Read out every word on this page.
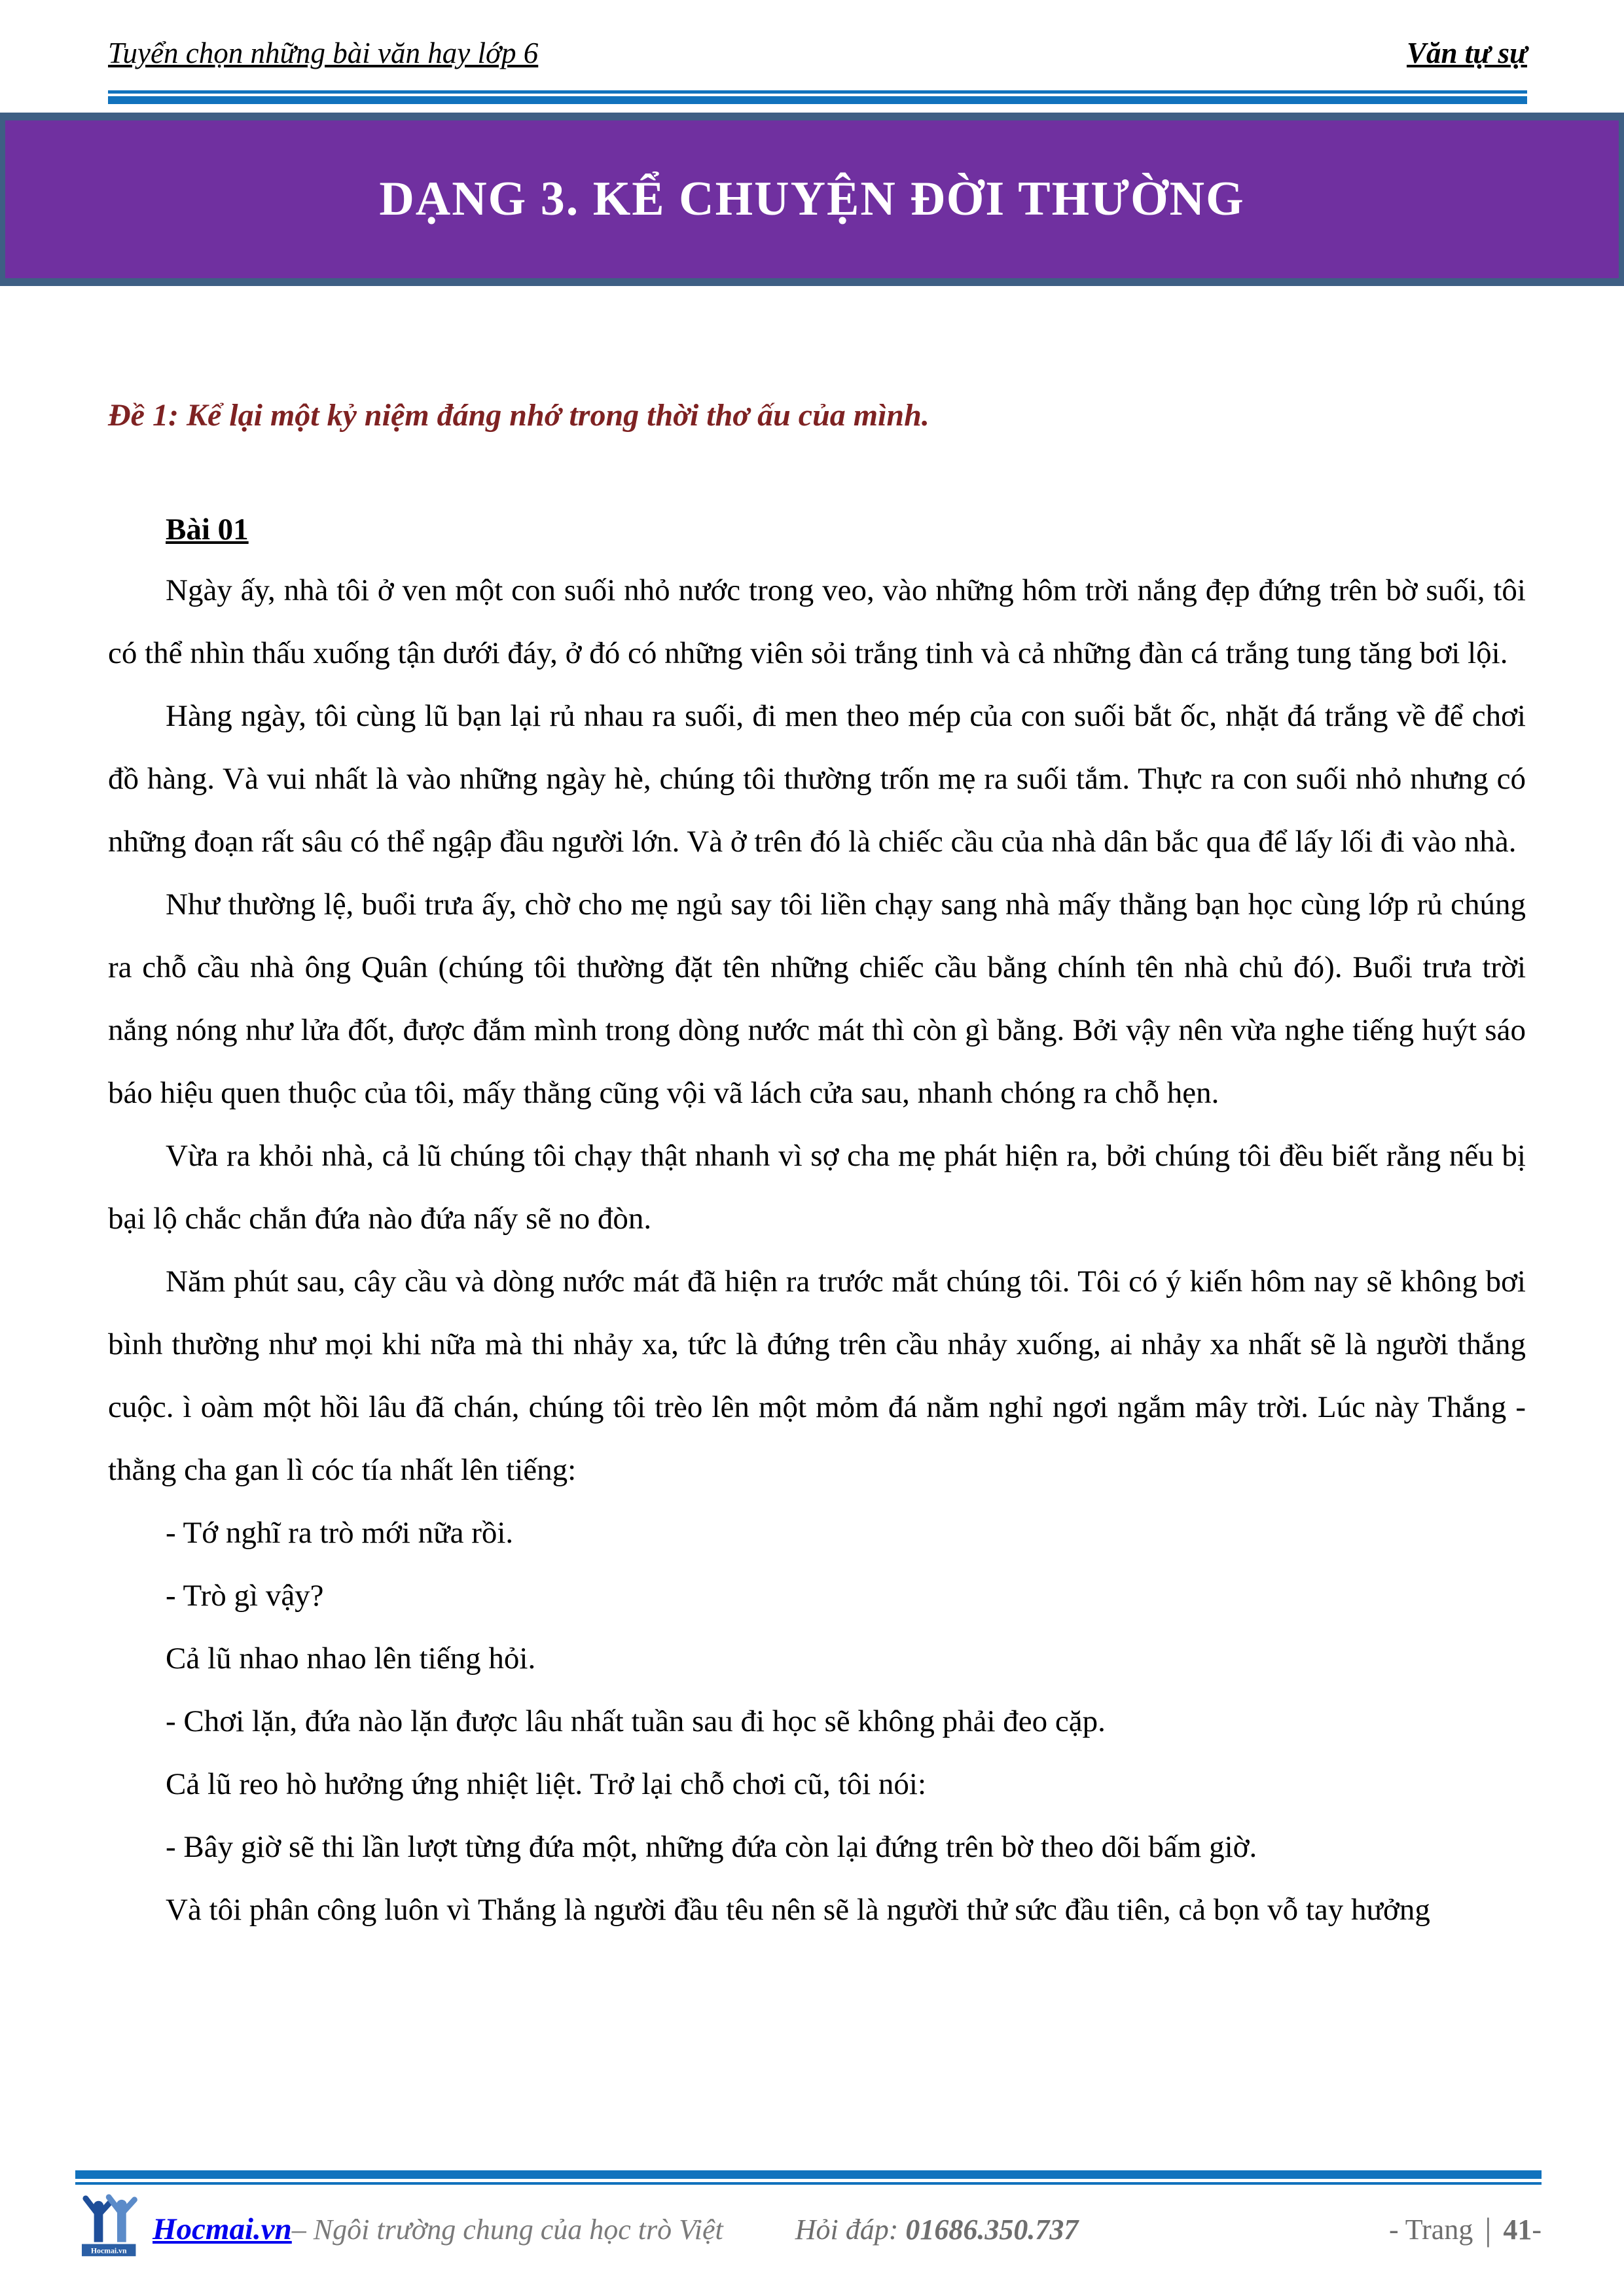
Tuyển chọn những bài văn hay lớp 6	Văn tự sự
DẠNG 3. KỂ CHUYỆN ĐỜI THƯỜNG
Đề 1: Kể lại một kỷ niệm đáng nhớ trong thời thơ ấu của mình.
Bài 01

Ngày ấy, nhà tôi ở ven một con suối nhỏ nước trong veo, vào những hôm trời nắng đẹp đứng trên bờ suối, tôi có thể nhìn thấu xuống tận dưới đáy, ở đó có những viên sỏi trắng tinh và cả những đàn cá trắng tung tăng bơi lội.

Hàng ngày, tôi cùng lũ bạn lại rủ nhau ra suối, đi men theo mép của con suối bắt ốc, nhặt đá trắng về để chơi đồ hàng. Và vui nhất là vào những ngày hè, chúng tôi thường trốn mẹ ra suối tắm. Thực ra con suối nhỏ nhưng có những đoạn rất sâu có thể ngập đầu người lớn. Và ở trên đó là chiếc cầu của nhà dân bắc qua để lấy lối đi vào nhà.

Như thường lệ, buổi trưa ấy, chờ cho mẹ ngủ say tôi liền chạy sang nhà mấy thằng bạn học cùng lớp rủ chúng ra chỗ cầu nhà ông Quân (chúng tôi thường đặt tên những chiếc cầu bằng chính tên nhà chủ đó). Buổi trưa trời nắng nóng như lửa đốt, được đắm mình trong dòng nước mát thì còn gì bằng. Bởi vậy nên vừa nghe tiếng huýt sáo báo hiệu quen thuộc của tôi, mấy thằng cũng vội vã lách cửa sau, nhanh chóng ra chỗ hẹn.

Vừa ra khỏi nhà, cả lũ chúng tôi chạy thật nhanh vì sợ cha mẹ phát hiện ra, bởi chúng tôi đều biết rằng nếu bị bại lộ chắc chắn đứa nào đứa nấy sẽ no đòn.

Năm phút sau, cây cầu và dòng nước mát đã hiện ra trước mắt chúng tôi. Tôi có ý kiến hôm nay sẽ không bơi bình thường như mọi khi nữa mà thi nhảy xa, tức là đứng trên cầu nhảy xuống, ai nhảy xa nhất sẽ là người thắng cuộc. ì oàm một hồi lâu đã chán, chúng tôi trèo lên một mỏm đá nằm nghỉ ngơi ngắm mây trời. Lúc này Thắng - thằng cha gan lì cóc tía nhất lên tiếng:

- Tớ nghĩ ra trò mới nữa rồi.

- Trò gì vậy?

Cả lũ nhao nhao lên tiếng hỏi.

- Chơi lặn, đứa nào lặn được lâu nhất tuần sau đi học sẽ không phải đeo cặp.

Cả lũ reo hò hưởng ứng nhiệt liệt. Trở lại chỗ chơi cũ, tôi nói:

- Bây giờ sẽ thi lần lượt từng đứa một, những đứa còn lại đứng trên bờ theo dõi bấm giờ.

Và tôi phân công luôn vì Thắng là người đầu têu nên sẽ là người thử sức đầu tiên, cả bọn vỗ tay hưởng

Hocmai.vn
Hocmai.vn – Ngôi trường chung của học trò Việt	Hỏi đáp: 01686.350.737	- Trang | 41 -
